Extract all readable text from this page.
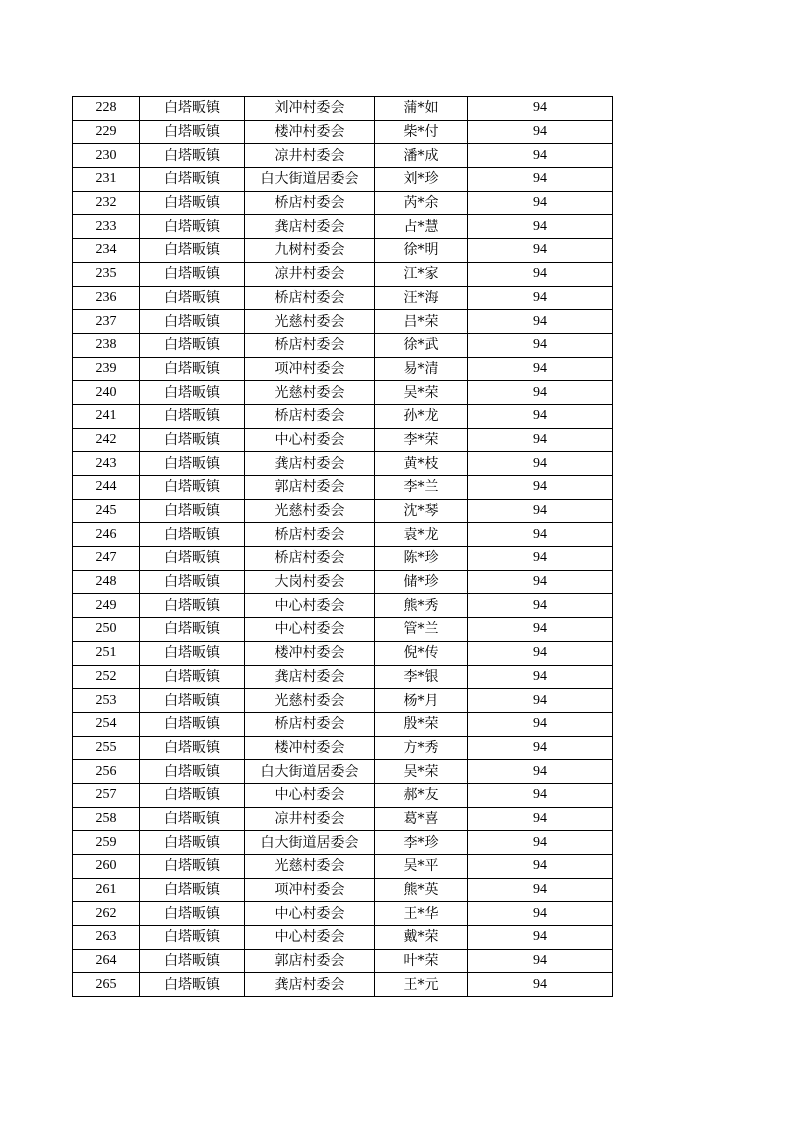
228	白塔畈镇	刘冲村委会	蒲*如	94
229	白塔畈镇	楼冲村委会	柴*付	94
230	白塔畈镇	凉井村委会	潘*成	94
231	白塔畈镇	白大街道居委会	刘*珍	94
232	白塔畈镇	桥店村委会	芮*余	94
233	白塔畈镇	龚店村委会	占*慧	94
234	白塔畈镇	九树村委会	徐*明	94
235	白塔畈镇	凉井村委会	江*家	94
236	白塔畈镇	桥店村委会	汪*海	94
237	白塔畈镇	光慈村委会	吕*荣	94
238	白塔畈镇	桥店村委会	徐*武	94
239	白塔畈镇	项冲村委会	易*清	94
240	白塔畈镇	光慈村委会	吴*荣	94
241	白塔畈镇	桥店村委会	孙*龙	94
242	白塔畈镇	中心村委会	李*荣	94
243	白塔畈镇	龚店村委会	黄*枝	94
244	白塔畈镇	郭店村委会	李*兰	94
245	白塔畈镇	光慈村委会	沈*琴	94
246	白塔畈镇	桥店村委会	袁*龙	94
247	白塔畈镇	桥店村委会	陈*珍	94
248	白塔畈镇	大岗村委会	储*珍	94
249	白塔畈镇	中心村委会	熊*秀	94
250	白塔畈镇	中心村委会	管*兰	94
251	白塔畈镇	楼冲村委会	倪*传	94
252	白塔畈镇	龚店村委会	李*银	94
253	白塔畈镇	光慈村委会	杨*月	94
254	白塔畈镇	桥店村委会	殷*荣	94
255	白塔畈镇	楼冲村委会	方*秀	94
256	白塔畈镇	白大街道居委会	吴*荣	94
257	白塔畈镇	中心村委会	郝*友	94
258	白塔畈镇	凉井村委会	葛*喜	94
259	白塔畈镇	白大街道居委会	李*珍	94
260	白塔畈镇	光慈村委会	吴*平	94
261	白塔畈镇	项冲村委会	熊*英	94
262	白塔畈镇	中心村委会	王*华	94
263	白塔畈镇	中心村委会	戴*荣	94
264	白塔畈镇	郭店村委会	叶*荣	94
265	白塔畈镇	龚店村委会	王*元	94
